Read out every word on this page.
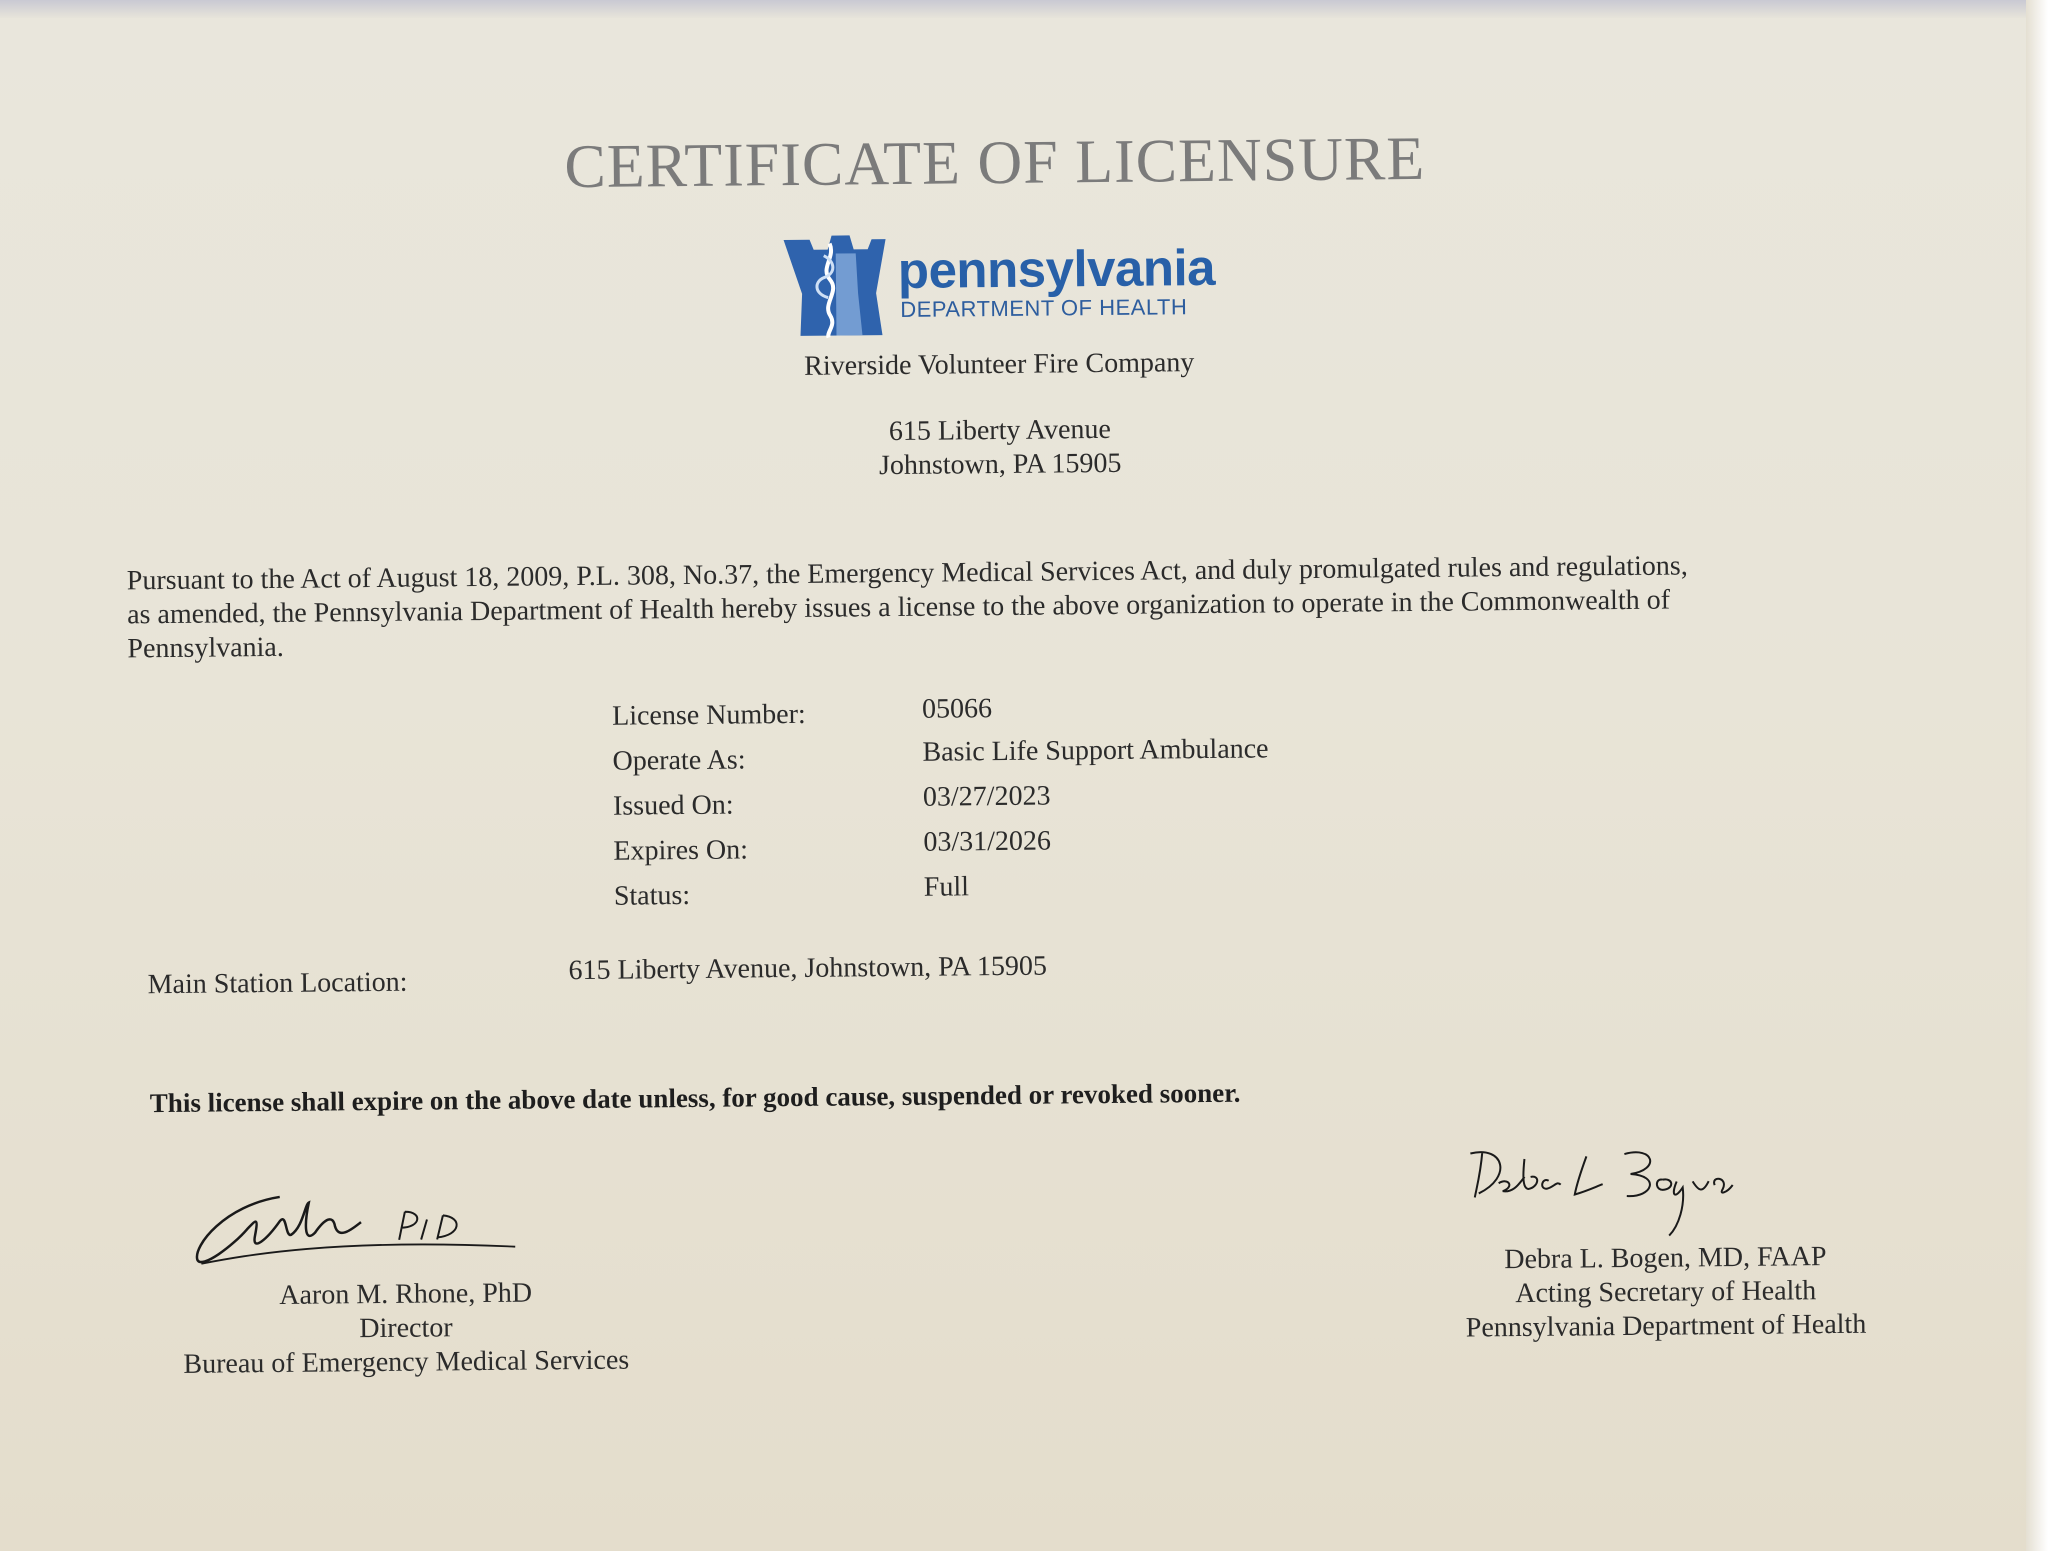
CERTIFICATE OF LICENSURE
pennsylvania
DEPARTMENT OF HEALTH
Riverside Volunteer Fire Company
615 Liberty Avenue
Johnstown, PA 15905
Pursuant to the Act of August 18, 2009, P.L. 308, No.37, the Emergency Medical Services Act, and duly promulgated rules and regulations,
as amended, the Pennsylvania Department of Health hereby issues a license to the above organization to operate in the Commonwealth of
Pennsylvania.
License Number:	05066
Operate As:	Basic Life Support Ambulance
Issued On:	03/27/2023
Expires On:	03/31/2026
Status:	Full
Main Station Location:	615 Liberty Avenue, Johnstown, PA 15905
This license shall expire on the above date unless, for good cause, suspended or revoked sooner.
Aaron M. Rhone, PhD
Director
Bureau of Emergency Medical Services
Debra L. Bogen, MD, FAAP
Acting Secretary of Health
Pennsylvania Department of Health
